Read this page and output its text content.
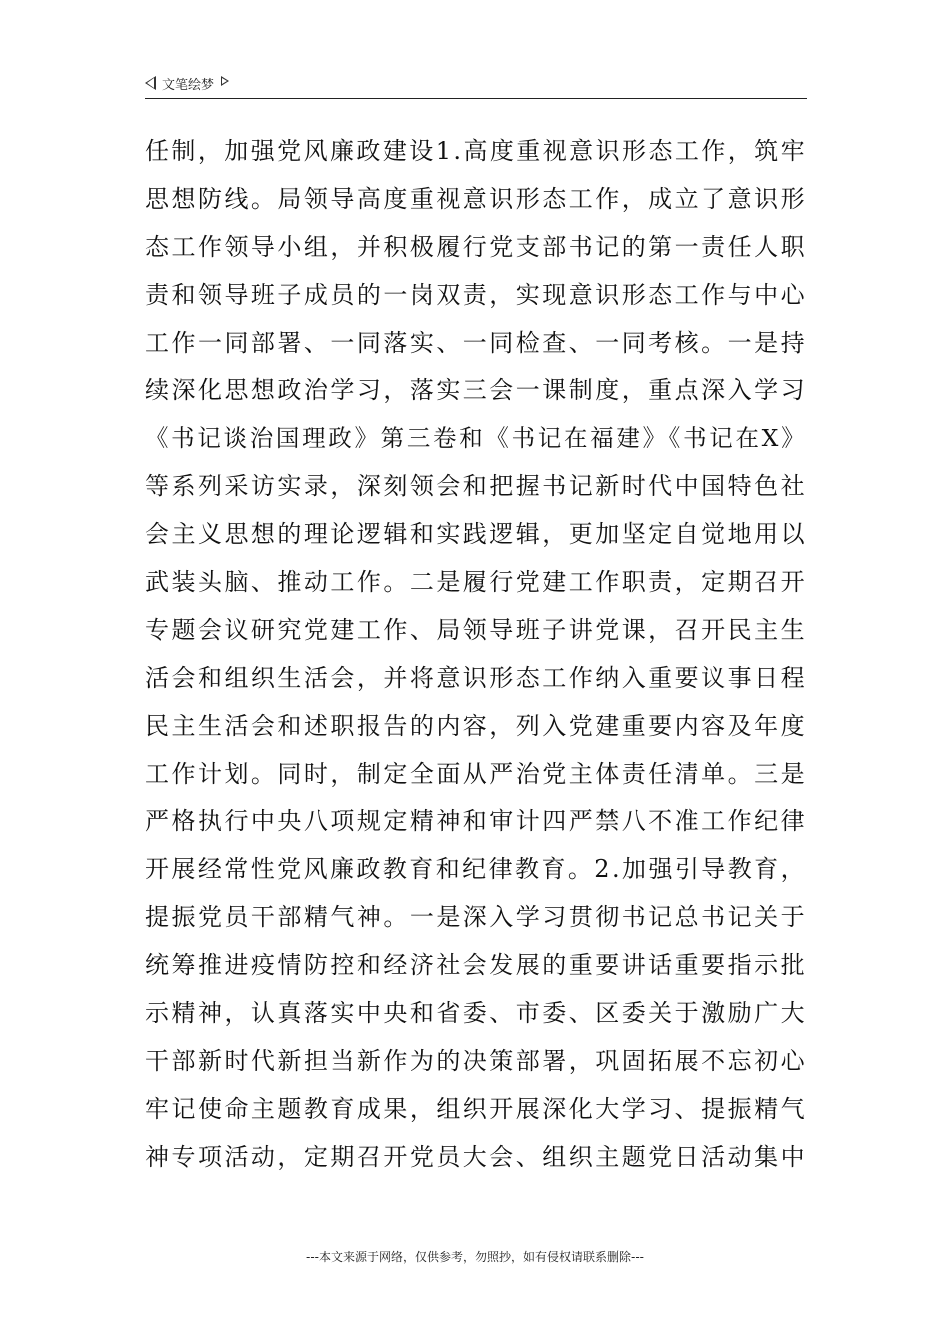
文笔绘梦
任制，加强党风廉政建设1.高度重视意识形态工作，筑牢
思想防线。局领导高度重视意识形态工作，成立了意识形
态工作领导小组，并积极履行党支部书记的第一责任人职
责和领导班子成员的一岗双责，实现意识形态工作与中心
工作一同部署、一同落实、一同检查、一同考核。一是持
续深化思想政治学习，落实三会一课制度，重点深入学习
《书记谈治国理政》第三卷和《书记在福建》《书记在X》
等系列采访实录，深刻领会和把握书记新时代中国特色社
会主义思想的理论逻辑和实践逻辑，更加坚定自觉地用以
武装头脑、推动工作。二是履行党建工作职责，定期召开
专题会议研究党建工作、局领导班子讲党课，召开民主生
活会和组织生活会，并将意识形态工作纳入重要议事日程
民主生活会和述职报告的内容，列入党建重要内容及年度
工作计划。同时，制定全面从严治党主体责任清单。三是
严格执行中央八项规定精神和审计四严禁八不准工作纪律
开展经常性党风廉政教育和纪律教育。2.加强引导教育，
提振党员干部精气神。一是深入学习贯彻书记总书记关于
统筹推进疫情防控和经济社会发展的重要讲话重要指示批
示精神，认真落实中央和省委、市委、区委关于激励广大
干部新时代新担当新作为的决策部署，巩固拓展不忘初心
牢记使命主题教育成果，组织开展深化大学习、提振精气
神专项活动，定期召开党员大会、组织主题党日活动集中
---本文来源于网络，仅供参考，勿照抄，如有侵权请联系删除---
